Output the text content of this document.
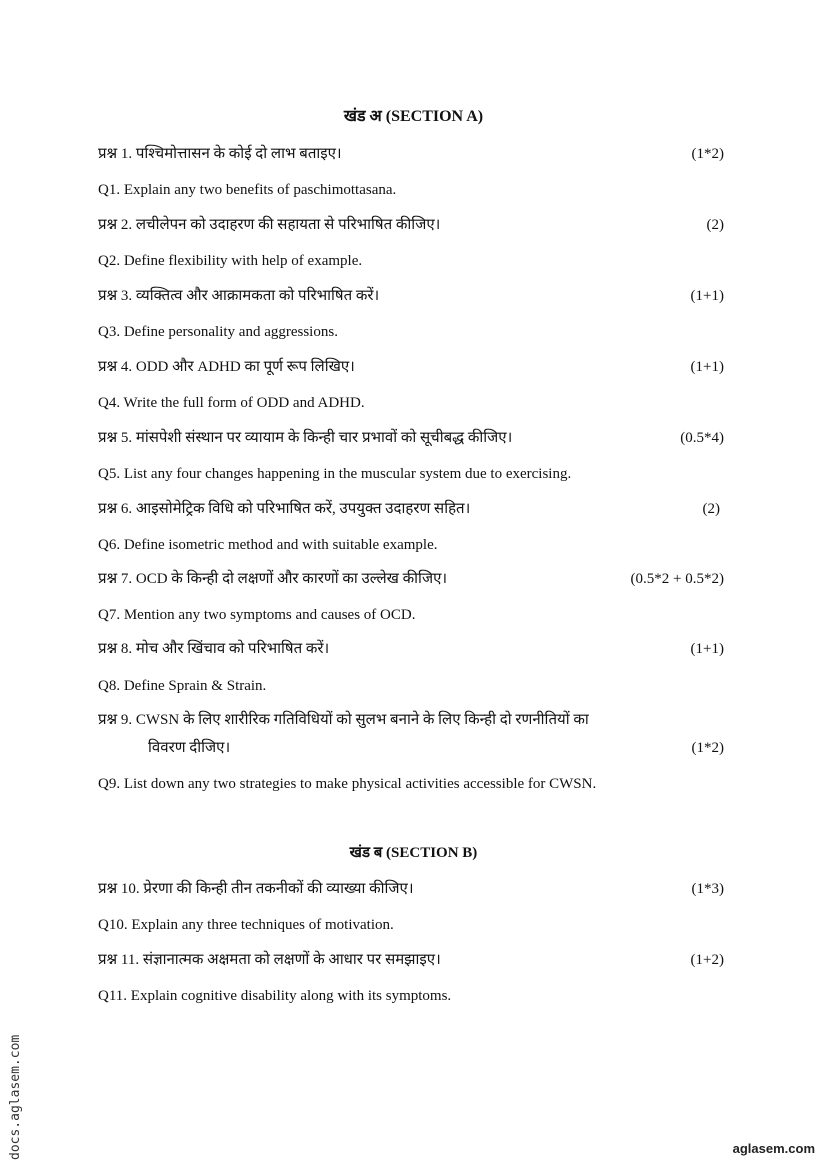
खंड अ (SECTION A)
प्रश्न 1. पश्चिमोत्तासन के कोई दो लाभ बताइए।	(1*2)
Q1. Explain any two benefits of paschimottasana.
प्रश्न 2. लचीलेपन को उदाहरण की सहायता से परिभाषित कीजिए।	(2)
Q2. Define flexibility with help of example.
प्रश्न 3. व्यक्तित्व और आक्रामकता को परिभाषित करें।	(1+1)
Q3. Define personality and aggressions.
प्रश्न 4. ODD और ADHD का पूर्ण रूप लिखिए।	(1+1)
Q4. Write the full form of ODD and ADHD.
प्रश्न 5. मांसपेशी संस्थान पर व्यायाम के किन्ही चार प्रभावों को सूचीबद्ध कीजिए।	(0.5*4)
Q5. List any four changes happening in the muscular system due to exercising.
प्रश्न 6. आइसोमेट्रिक विधि को परिभाषित करें, उपयुक्त उदाहरण सहित।	(2)
Q6. Define isometric method and with suitable example.
प्रश्न 7. OCD के किन्ही दो लक्षणों और कारणों का उल्लेख कीजिए।	(0.5*2 + 0.5*2)
Q7. Mention any two symptoms and causes of OCD.
प्रश्न 8. मोच और खिंचाव को परिभाषित करें।	(1+1)
Q8. Define Sprain & Strain.
प्रश्न 9. CWSN के लिए शारीरिक गतिविधियों को सुलभ बनाने के लिए किन्ही दो रणनीतियों का
विवरण दीजिए।	(1*2)
Q9. List down any two strategies to make physical activities accessible for CWSN.
खंड ब (SECTION B)
प्रश्न 10. प्रेरणा की किन्ही तीन तकनीकों की व्याख्या कीजिए।	(1*3)
Q10. Explain any three techniques of motivation.
प्रश्न 11. संज्ञानात्मक अक्षमता को लक्षणों के आधार पर समझाइए।	(1+2)
Q11. Explain cognitive disability along with its symptoms.
docs.aglasem.com	aglasem.com
